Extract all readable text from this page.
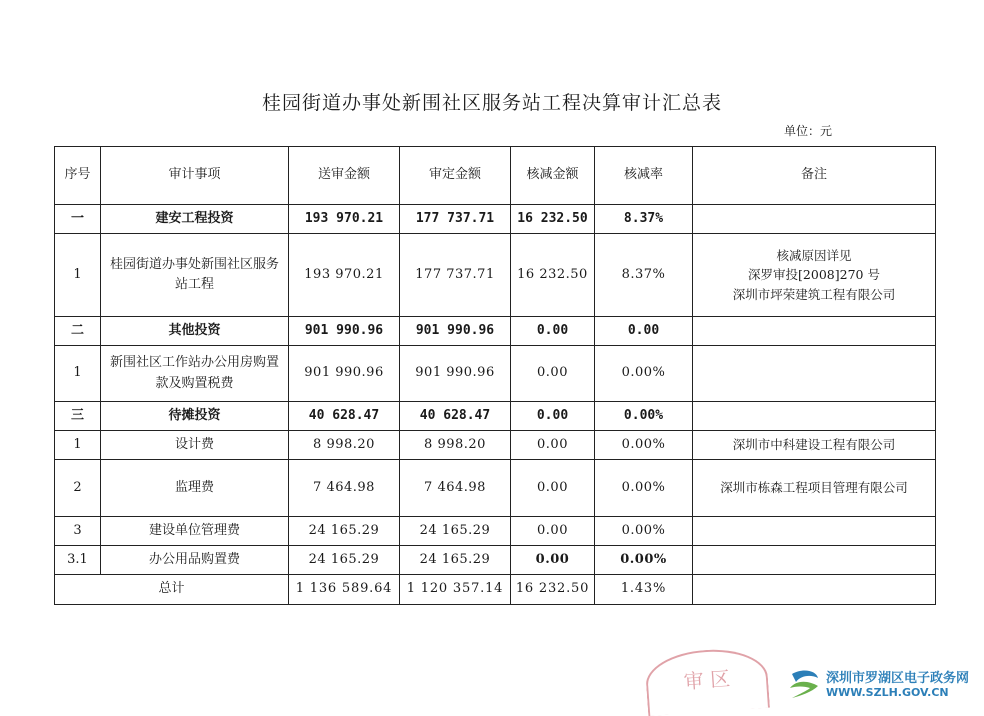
桂园街道办事处新围社区服务站工程决算审计汇总表
单位：元
序号	审计事项	送审金额	审定金额	核减金额	核减率	备注
一	建安工程投资	193 970.21	177 737.71	16 232.50	8.37%	
1	桂园街道办事处新围社区服务站工程	193 970.21	177 737.71	16 232.50	8.37%	核减原因详见
深罗审投[2008]270 号
深圳市坪荣建筑工程有限公司

二	其他投资	901 990.96	901 990.96	0.00	0.00	
1	新围社区工作站办公用房购置款及购置税费	901 990.96	901 990.96	0.00	0.00%	
三	待摊投资	40 628.47	40 628.47	0.00	0.00%	
1	设计费	8 998.20	8 998.20	0.00	0.00%	深圳市中科建设工程有限公司
2	监理费	7 464.98	7 464.98	0.00	0.00%	深圳市栋森工程项目管理有限公司
3	建设单位管理费	24 165.29	24 165.29	0.00	0.00%	
3.1	办公用品购置费	24 165.29	24 165.29	0.00	0.00%	
总计		1 136 589.64	1 120 357.14	16 232.50	1.43%	
审 区	深圳市罗湖区电子政务网
WWW.SZLH.GOV.CN
